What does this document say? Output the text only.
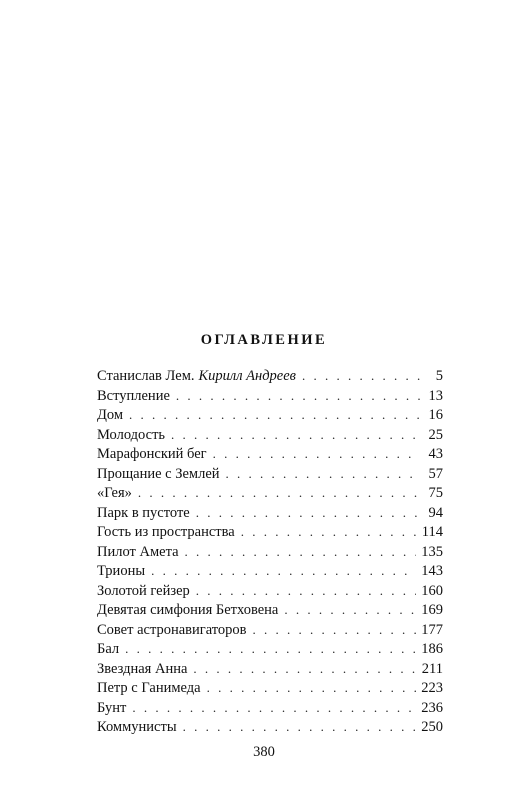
ОГЛАВЛЕНИЕ
Станислав Лем. Кирилл Андреев . . .	5
Вступление . . .	13
Дом . . .	16
Молодость . . .	25
Марафонский бег . . .	43
Прощание с Землей . . .	57
«Гея» . . .	75
Парк в пустоте . . .	94
Гость из пространства . . .	114
Пилот Амета . . .	135
Трионы . . .	143
Золотой гейзер . . .	160
Девятая симфония Бетховена . . .	169
Совет астронавигаторов . . .	177
Бал . . .	186
Звездная Анна . . .	211
Петр с Ганимеда . . .	223
Бунт . . .	236
Коммунисты . . .	250
380
